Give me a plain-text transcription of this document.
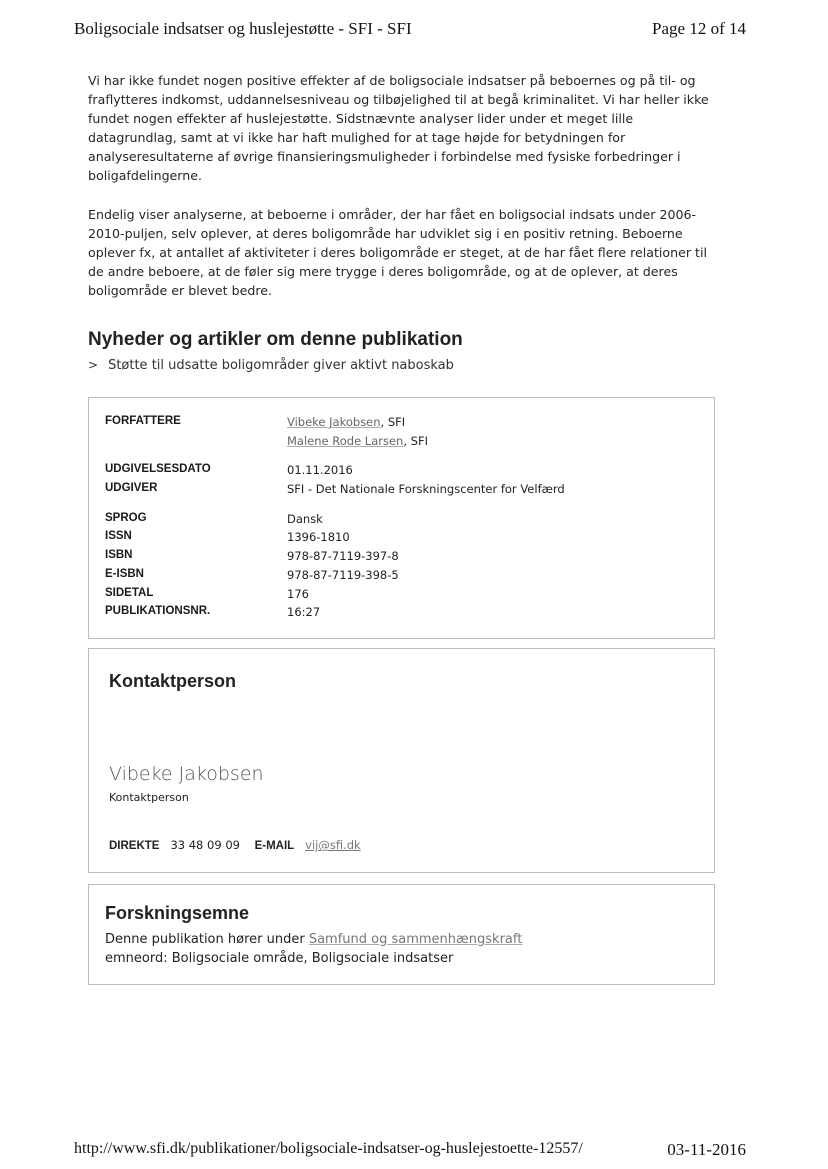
Boligsociale indsatser og huslejestøtte - SFI - SFI	Page 12 of 14
Vi har ikke fundet nogen positive effekter af de boligsociale indsatser på beboernes og på til- og
fraflytteres indkomst, uddannelsesniveau og tilbøjelighed til at begå kriminalitet. Vi har heller ikke
fundet nogen effekter af huslejestøtte. Sidstnævnte analyser lider under et meget lille
datagrundlag, samt at vi ikke har haft mulighed for at tage højde for betydningen for
analyseresultaterne af øvrige finansieringsmuligheder i forbindelse med fysiske forbedringer i
boligafdelingerne.
Endelig viser analyserne, at beboerne i områder, der har fået en boligsocial indsats under 2006-
2010-puljen, selv oplever, at deres boligområde har udviklet sig i en positiv retning. Beboerne
oplever fx, at antallet af aktiviteter i deres boligområde er steget, at de har fået flere relationer til
de andre beboere, at de føler sig mere trygge i deres boligområde, og at de oplever, at deres
boligområde er blevet bedre.
Nyheder og artikler om denne publikation
> Støtte til udsatte boligområder giver aktivt naboskab
FORFATTERE	Vibeke Jakobsen, SFI
Malene Rode Larsen, SFI
UDGIVELSESDATO	01.11.2016
UDGIVER	SFI - Det Nationale Forskningscenter for Velfærd
SPROG	Dansk
ISSN	1396-1810
ISBN	978-87-7119-397-8
E-ISBN	978-87-7119-398-5
SIDETAL	176
PUBLIKATIONSNR.	16:27
Kontaktperson
Vibeke Jakobsen
Kontaktperson
DIREKTE 33 48 09 09 E-MAIL vij@sfi.dk
Forskningsemne
Denne publikation hører under Samfund og sammenhængskraft
emneord: Boligsociale område, Boligsociale indsatser
http://www.sfi.dk/publikationer/boligsociale-indsatser-og-huslejestoette-12557/	03-11-2016
